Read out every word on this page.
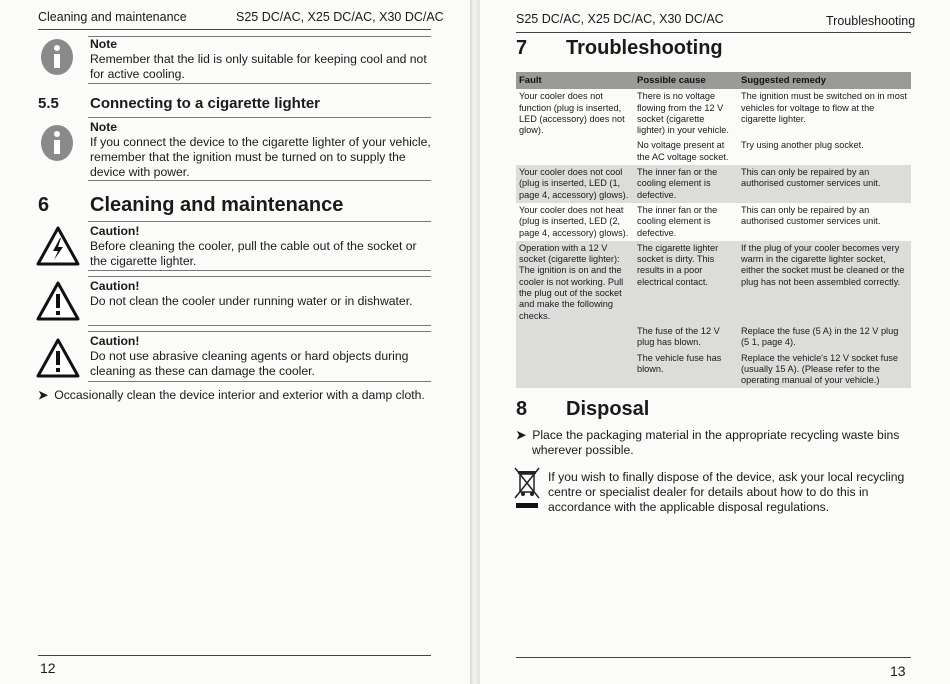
Cleaning and maintenance	S25 DC/AC, X25 DC/AC, X30 DC/AC
Note
Remember that the lid is only suitable for keeping cool and not for active cooling.
5.5 Connecting to a cigarette lighter
Note
If you connect the device to the cigarette lighter of your vehicle, remember that the ignition must be turned on to supply the device with power.
6 Cleaning and maintenance
Caution!
Before cleaning the cooler, pull the cable out of the socket or the cigarette lighter.
Caution!
Do not clean the cooler under running water or in dishwater.
Caution!
Do not use abrasive cleaning agents or hard objects during cleaning as these can damage the cooler.
➤ Occasionally clean the device interior and exterior with a damp cloth.
12
S25 DC/AC, X25 DC/AC, X30 DC/AC	Troubleshooting
7 Troubleshooting
Fault	Possible cause	Suggested remedy
Your cooler does not function (plug is inserted, LED (accessory) does not glow).	There is no voltage flowing from the 12 V socket (cigarette lighter) in your vehicle.	The ignition must be switched on in most vehicles for voltage to flow at the cigarette lighter.
	No voltage present at the AC voltage socket.	Try using another plug socket.
Your cooler does not cool (plug is inserted, LED (1, page 4, accessory) glows).	The inner fan or the cooling element is defective.	This can only be repaired by an authorised customer services unit.
Your cooler does not heat (plug is inserted, LED (2, page 4, accessory) glows).	The inner fan or the cooling element is defective.	This can only be repaired by an authorised customer services unit.
Operation with a 12 V socket (cigarette lighter): The ignition is on and the cooler is not working. Pull the plug out of the socket and make the following checks.	The cigarette lighter socket is dirty. This results in a poor electrical contact.	If the plug of your cooler becomes very warm in the cigarette lighter socket, either the socket must be cleaned or the plug has not been assembled correctly.
	The fuse of the 12 V plug has blown.	Replace the fuse (5 A) in the 12 V plug (5 1, page 4).
	The vehicle fuse has blown.	Replace the vehicle's 12 V socket fuse (usually 15 A). (Please refer to the operating manual of your vehicle.)
8 Disposal
➤ Place the packaging material in the appropriate recycling waste bins wherever possible.
If you wish to finally dispose of the device, ask your local recycling centre or specialist dealer for details about how to do this in accordance with the applicable disposal regulations.
13
